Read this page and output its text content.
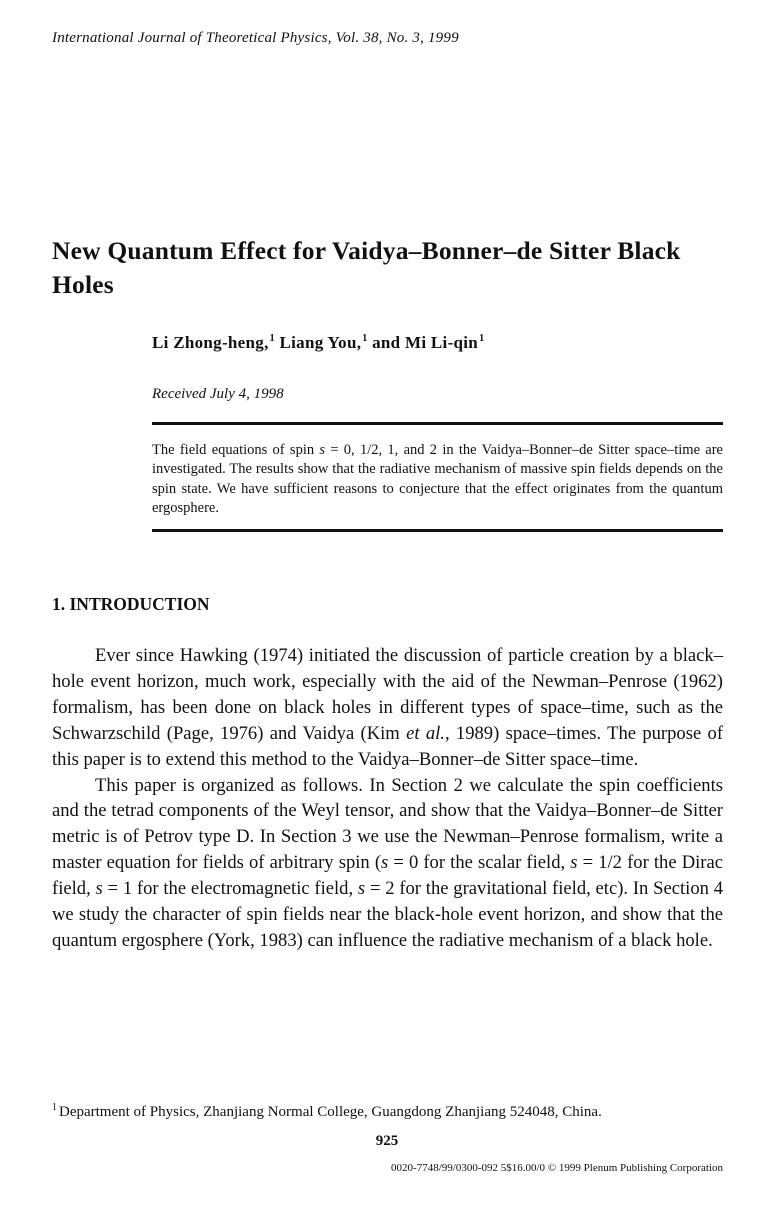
International Journal of Theoretical Physics, Vol. 38, No. 3, 1999
New Quantum Effect for Vaidya–Bonner–de Sitter Black Holes
Li Zhong-heng,$^1$ Liang You,$^1$ and Mi Li-qin$^1$
Received July 4, 1998
The field equations of spin s = 0, 1/2, 1, and 2 in the Vaidya–Bonner–de Sitter space–time are investigated. The results show that the radiative mechanism of massive spin fields depends on the spin state. We have sufficient reasons to conjecture that the effect originates from the quantum ergosphere.
1. INTRODUCTION

Ever since Hawking (1974) initiated the discussion of particle creation by a black–hole event horizon, much work, especially with the aid of the Newman–Penrose (1962) formalism, has been done on black holes in different types of space–time, such as the Schwarzschild (Page, 1976) and Vaidya (Kim et al., 1989) space–times. The purpose of this paper is to extend this method to the Vaidya–Bonner–de Sitter space–time.

This paper is organized as follows. In Section 2 we calculate the spin coefficients and the tetrad components of the Weyl tensor, and show that the Vaidya–Bonner–de Sitter metric is of Petrov type D. In Section 3 we use the Newman–Penrose formalism, write a master equation for fields of arbitrary spin (s = 0 for the scalar field, s = 1/2 for the Dirac field, s = 1 for the electromagnetic field, s = 2 for the gravitational field, etc). In Section 4 we study the character of spin fields near the black-hole event horizon, and show that the quantum ergosphere (York, 1983) can influence the radiative mechanism of a black hole.

$^1$ Department of Physics, Zhanjiang Normal College, Guangdong Zhanjiang 524048, China.
925
0020-7748/99/0300-092 5$16.00/0 © 1999 Plenum Publishing Corporation
